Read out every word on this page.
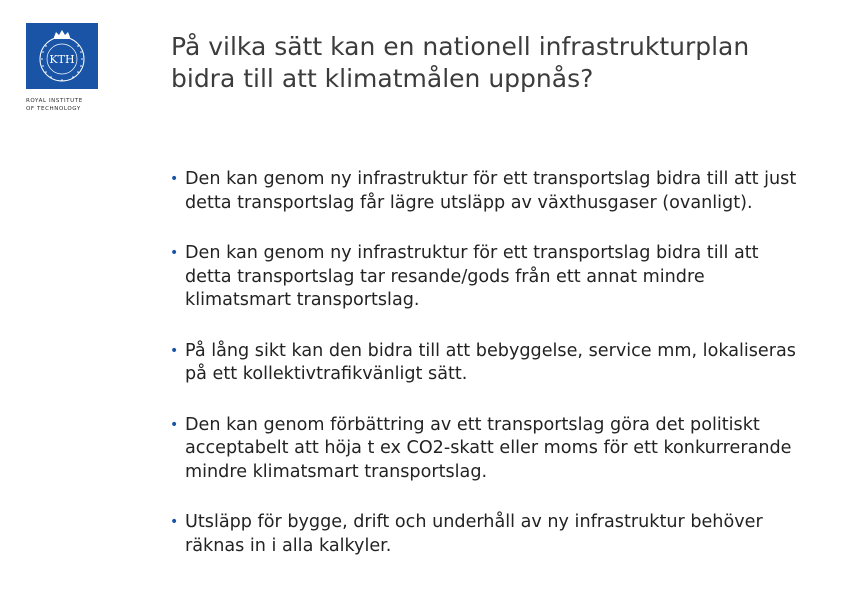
KTH
ROYAL INSTITUTE
OF TECHNOLOGY
På vilka sätt kan en nationell infrastrukturplan bidra till att klimatmålen uppnås?
• Den kan genom ny infrastruktur för ett transportslag bidra till att just detta transportslag får lägre utsläpp av växthusgaser (ovanligt).
• Den kan genom ny infrastruktur för ett transportslag bidra till att detta transportslag tar resande/gods från ett annat mindre klimatsmart transportslag.
• På lång sikt kan den bidra till att bebyggelse, service mm, lokaliseras på ett kollektivtrafikvänligt sätt.
• Den kan genom förbättring av ett transportslag göra det politiskt acceptabelt att höja t ex CO2-skatt eller moms för ett konkurrerande mindre klimatsmart transportslag.
• Utsläpp för bygge, drift och underhåll av ny infrastruktur behöver räknas in i alla kalkyler.
